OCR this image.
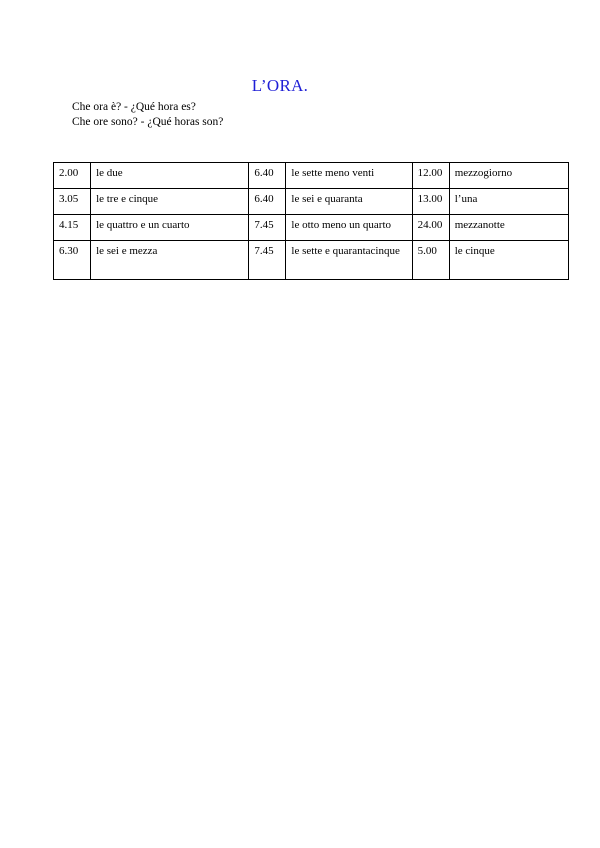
L’ORA.
Che ora è? - ¿Qué hora es?
Che ore sono? - ¿Qué horas son?
2.00	le due	6.40	le sette meno venti	12.00	mezzogiorno
3.05	le tre e cinque	6.40	le sei e quaranta	13.00	l’una
4.15	le quattro e un cuarto	7.45	le otto meno un quarto	24.00	mezzanotte
6.30	le sei e mezza	7.45	le sette e quarantacinque	5.00	le cinque
